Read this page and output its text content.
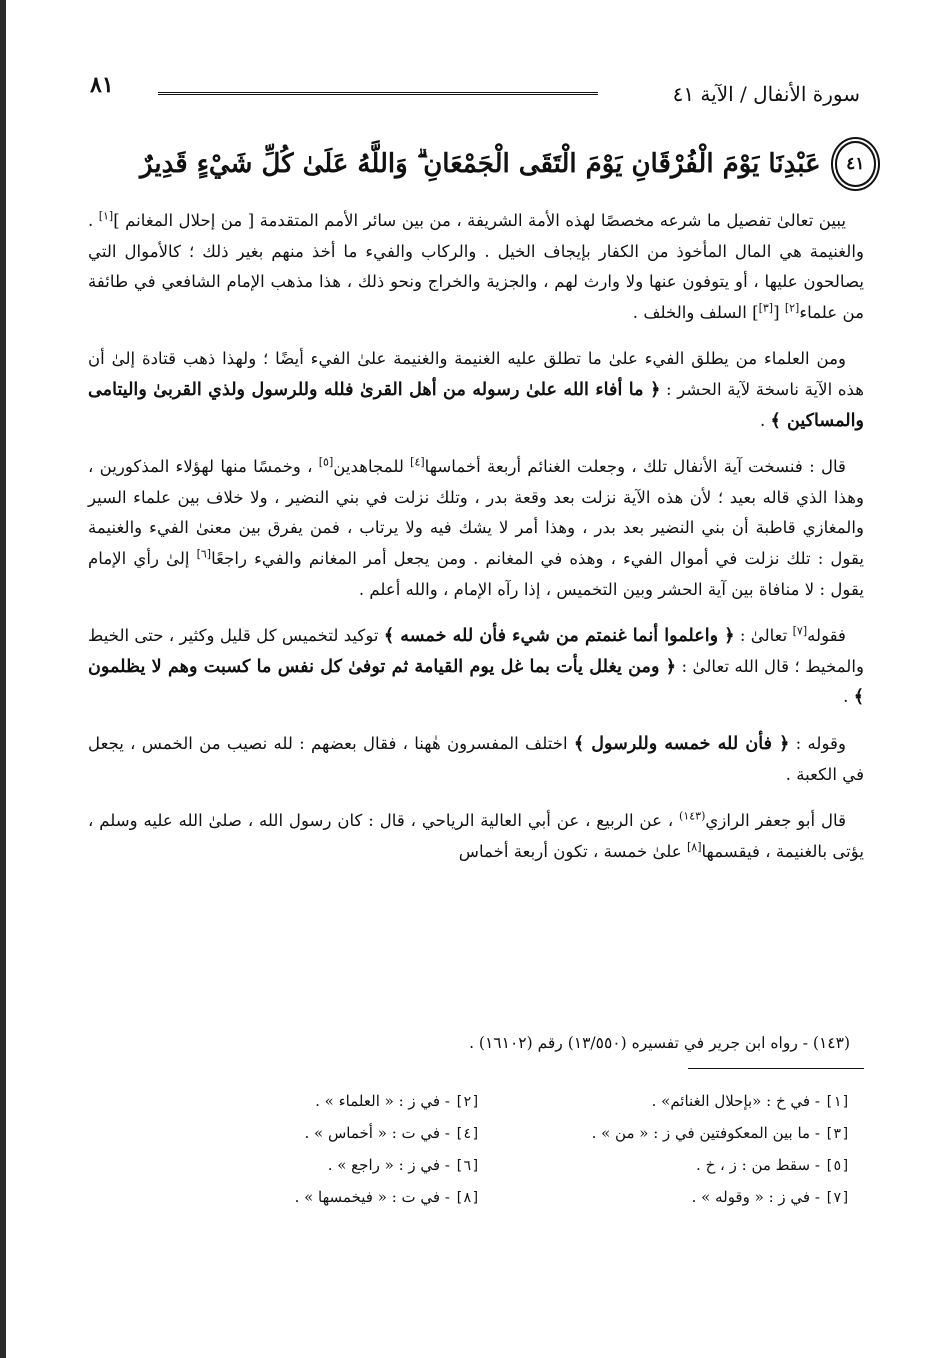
٨١	سورة الأنفال / الآية ٤١
٤١
عَبْدِنَا يَوْمَ الْفُرْقَانِ يَوْمَ الْتَقَى الْجَمْعَانِ ۗ وَاللَّهُ عَلَىٰ كُلِّ شَيْءٍ قَدِيرٌ

يبين تعالىٰ تفصيل ما شرعه مخصصًا لهذه الأمة الشريفة ، من بين سائر الأمم المتقدمة [ من إحلال المغانم ][١] . والغنيمة هي المال المأخوذ من الكفار بإيجاف الخيل . والركاب والفيء ما أخذ منهم بغير ذلك ؛ كالأموال التي يصالحون عليها ، أو يتوفون عنها ولا وارث لهم ، والجزية والخراج ونحو ذلك ، هذا مذهب الإمام الشافعي في طائفة من علماء[٢] [[٣]] السلف والخلف .

ومن العلماء من يطلق الفيء علىٰ ما تطلق عليه الغنيمة والغنيمة علىٰ الفيء أيضًا ؛ ولهذا ذهب قتادة إلىٰ أن هذه الآية ناسخة لآية الحشر : ﴿ ما أفاء الله علىٰ رسوله من أهل القرىٰ فلله وللرسول ولذي القربىٰ واليتامى والمساكين ﴾ .

قال : فنسخت آية الأنفال تلك ، وجعلت الغنائم أربعة أخماسها[٤] للمجاهدين[٥] ، وخمسًا منها لهؤلاء المذكورين ، وهذا الذي قاله بعيد ؛ لأن هذه الآية نزلت بعد وقعة بدر ، وتلك نزلت في بني النضير ، ولا خلاف بين علماء السير والمغازي قاطبة أن بني النضير بعد بدر ، وهذا أمر لا يشك فيه ولا يرتاب ، فمن يفرق بين معنىٰ الفيء والغنيمة يقول : تلك نزلت في أموال الفيء ، وهذه في المغانم . ومن يجعل أمر المغانم والفيء راجعًا[٦] إلىٰ رأي الإمام يقول : لا منافاة بين آية الحشر وبين التخميس ، إذا رآه الإمام ، والله أعلم .

فقوله[٧] تعالىٰ : ﴿ واعلموا أنما غنمتم من شيء فأن لله خمسه ﴾ توكيد لتخميس كل قليل وكثير ، حتى الخيط والمخيط ؛ قال الله تعالىٰ : ﴿ ومن يغلل يأت بما غل يوم القيامة ثم توفىٰ كل نفس ما كسبت وهم لا يظلمون ﴾ .

وقوله : ﴿ فأن لله خمسه وللرسول ﴾ اختلف المفسرون هٰهنا ، فقال بعضهم : لله نصيب من الخمس ، يجعل في الكعبة .

قال أبو جعفر الرازي$^{(١٤٣)}$ ، عن الربيع ، عن أبي العالية الرياحي ، قال : كان رسول الله ، صلىٰ الله عليه وسلم ، يؤتى بالغنيمة ، فيقسمها[٨] علىٰ خمسة ، تكون أربعة أخماس

(١٤٣) - رواه ابن جرير في تفسيره (١٣/٥٥٠) رقم (١٦١٠٢) .
[١] - في خ : «بإحلال الغنائم» .
[٢] - في ز : « العلماء » .
[٣] - ما بين المعكوفتين في ز : « من » .
[٤] - في ت : « أخماس » .
[٥] - سقط من : ز ، خ .
[٦] - في ز : « راجع » .
[٧] - في ز : « وقوله » .
[٨] - في ت : « فيخمسها » .
